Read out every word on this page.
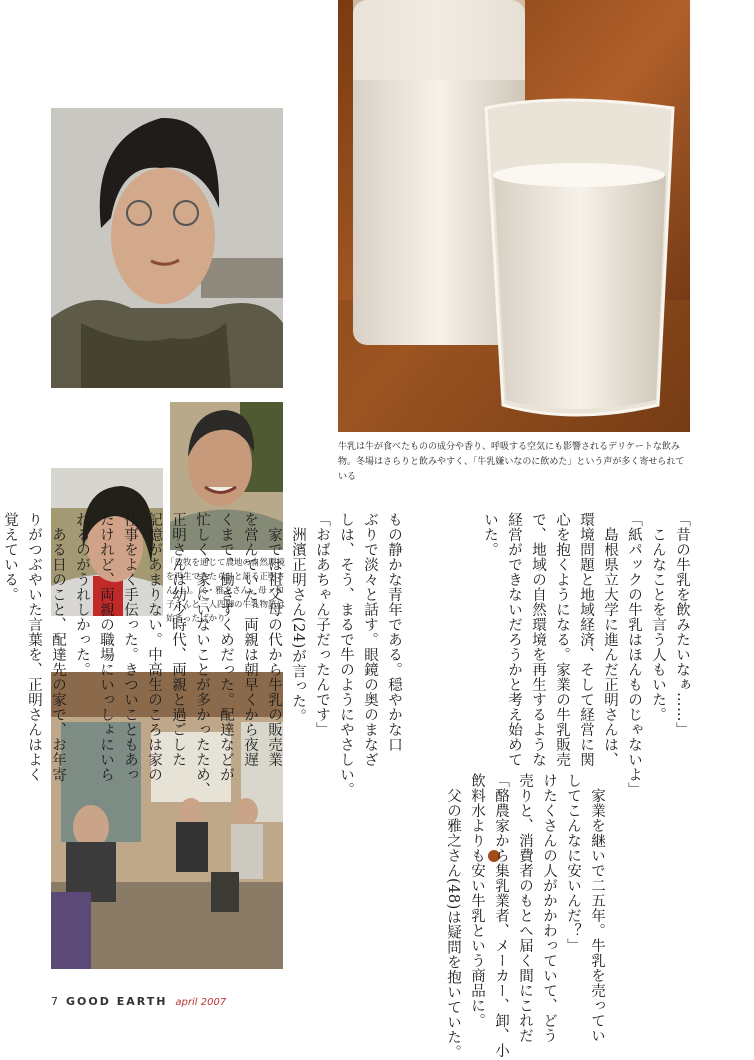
牛乳は牛が食べたものの成分や香り、呼吸する空気にも影響されるデリケートな飲み物。冬場はさらりと飲みやすく、「牛乳嫌いなのに飲めた」という声が多く寄せられている
「放牧を通じて農地の自然環境を再生できたら」と語る正明さん(上)。父・雅之さん、母・和子さんと三人四脚の牛乳物語は始まったばかり	「昔の牛乳を飲みたいなぁ……」
　こんなことを言う人もいた。
「紙パックの牛乳はほんものじゃないよ」
　島根県立大学に進んだ正明さんは、
環境問題と地域経済、そして経営に関
心を抱くようになる。家業の牛乳販売
で、地域の自然環境を再生するような
経営ができないだろうかと考え始めて
いた。

もの静かな青年である。穏やかな口
ぶりで淡々と話す。眼鏡の奥のまなざ
しは、そう、まるで牛のようにやさしい。
「おばあちゃん子だったんです」
　洲濱正明さん(24)が言った。
　家では祖父母の代から牛乳の販売業
を営んでいた。両親は朝早くから夜遅
くまで、働きずくめだった。配達などが
忙しく、家にいないことが多かったため、
正明さんは幼少時代、両親と過ごした
記憶があまりない。中高生のころは家の
仕事をよく手伝った。きついこともあっ
たけれど、両親の職場にいっしょにいら
れるのがうれしかった。
　ある日のこと、配達先の家で、お年寄
りがつぶやいた言葉を、正明さんはよく
覚えている。
　家業を継いで二五年。牛乳を売ってい
してこんなに安いんだ？」
けたくさんの人がかかわっていて、どう
売りと、消費者のもとへ届く間にこれだ
「酪農家から集乳業者、メーカー、卸、小
飲料水よりも安い牛乳という商品に。
　父の雅之さん(48)は疑問を抱いていた。
7 GOOD EARTH april 2007
